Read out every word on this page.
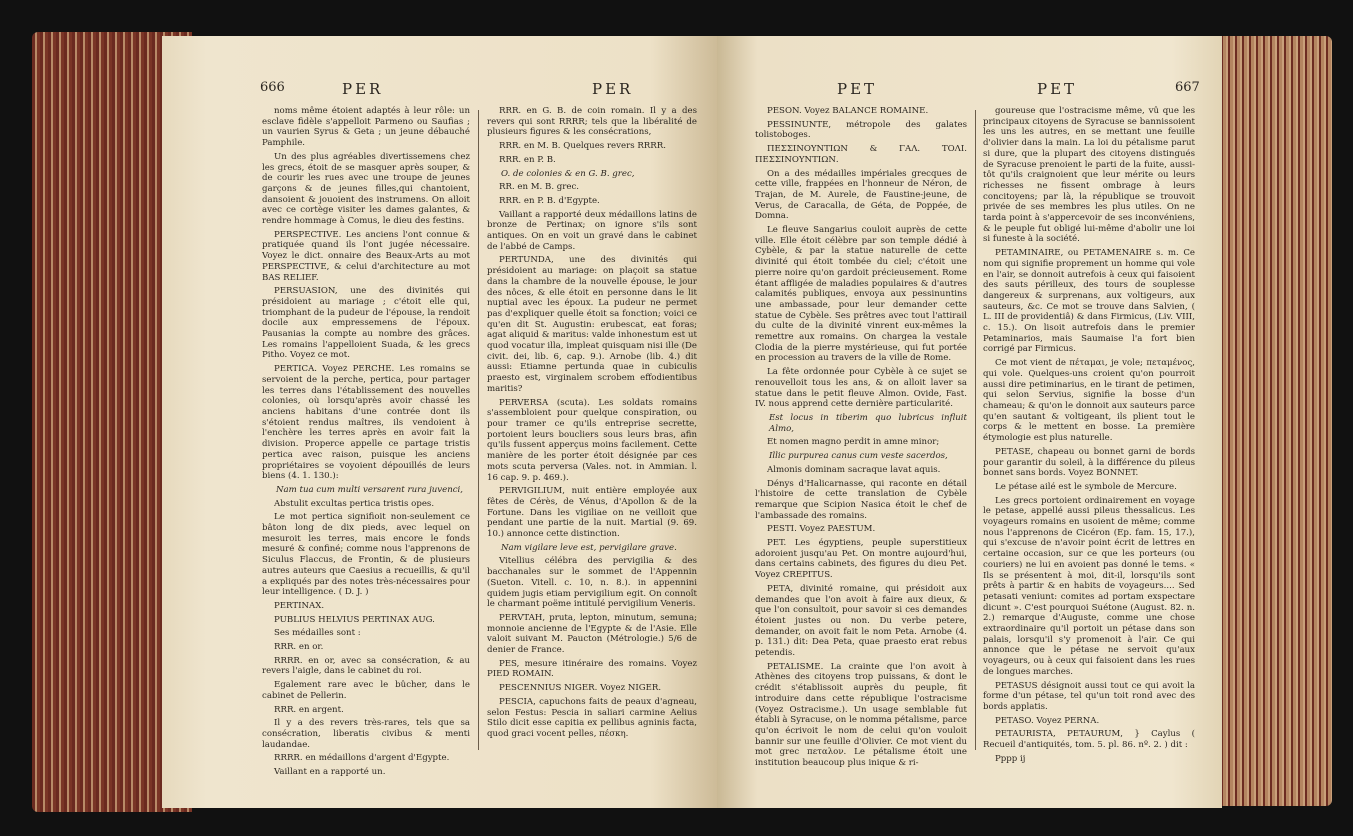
666	PER	PER

noms même étoient adaptés à leur rôle: un esclave fidèle s'appelloit Parmeno ou Saufias ; un vaurien Syrus & Geta ; un jeune débauché Pamphile.

Un des plus agréables divertissemens chez les grecs, étoit de se masquer après souper, & de courir les rues avec une troupe de jeunes garçons & de jeunes filles,qui chantoient, dansoient & jouoient des instrumens. On alloit avec ce cortège visiter les dames galantes, & rendre hommage à Comus, le dieu des festins.

PERSPECTIVE. Les anciens l'ont connue & pratiquée quand ils l'ont jugée nécessaire. Voyez le dict. onnaire des Beaux-Arts au mot PERSPECTIVE, & celui d'architecture au mot BAS RELIEF.

PERSUASION, une des divinités qui présidoient au mariage ; c'étoit elle qui, triomphant de la pudeur de l'épouse, la rendoit docile aux empressemens de l'époux. Pausanias la compte au nombre des grâces. Les romains l'appelloient Suada, & les grecs Pitho. Voyez ce mot.

PERTICA. Voyez PERCHE. Les romains se servoient de la perche, pertica, pour partager les terres dans l'établissement des nouvelles colonies, où lorsqu'après avoir chassé les anciens habitans d'une contrée dont ils s'étoient rendus maîtres, ils vendoient à l'enchère les terres après en avoir fait la division. Properce appelle ce partage tristis pertica avec raison, puisque les anciens propriétaires se voyoient dépouillés de leurs biens (4. 1. 130.):

Nam tua cum multi versarent rura juvenci,

Abstulit excultas pertica tristis opes.

Le mot pertica signifioit non-seulement ce bâton long de dix pieds, avec lequel on mesuroit les terres, mais encore le fonds mesuré & confiné; comme nous l'apprenons de Siculus Flaccus, de Frontin, & de plusieurs autres auteurs que Caesius a recueillis, & qu'il a expliqués par des notes très-nécessaires pour leur intelligence. ( D. J. )

PERTINAX.

PUBLIUS HELVIUS PERTINAX AUG.

Ses médailles sont :

RRR. en or.

RRRR. en or, avec sa consécration, & au revers l'aigle, dans le cabinet du roi.

Egalement rare avec le bûcher, dans le cabinet de Pellerin.

RRR. en argent.

Il y a des revers très-rares, tels que sa consécration, liberatis civibus & menti laudandae.

RRRR. en médaillons d'argent d'Egypte.

Vaillant en a rapporté un.

RRR. en G. B. de coin romain. Il y a des revers qui sont RRRR; tels que la libéralité de plusieurs figures & les consécrations,

RRR. en M. B. Quelques revers RRRR.

RRR. en P. B.

O. de colonies & en G. B. grec,

RR. en M. B. grec.

RRR. en P. B. d'Egypte.

Vaillant a rapporté deux médaillons latins de bronze de Pertinax; on ignore s'ils sont antiques. On en voit un gravé dans le cabinet de l'abbé de Camps.

PERTUNDA, une des divinités qui présidoient au mariage: on plaçoit sa statue dans la chambre de la nouvelle épouse, le jour des nôces, & elle étoit en personne dans le lit nuptial avec les époux. La pudeur ne permet pas d'expliquer quelle étoit sa fonction; voici ce qu'en dit St. Augustin: erubescat, eat foras; agat aliquid & maritus: valde inhonestum est ut quod vocatur illa, impleat quisquam nisi ille (De civit. dei, lib. 6, cap. 9.). Arnobe (lib. 4.) dit aussi: Etiamne pertunda quae in cubiculis praesto est, virginalem scrobem effodientibus maritis?

PERVERSA (scuta). Les soldats romains s'assembloient pour quelque conspiration, ou pour tramer ce qu'ils entreprise secrette, portoient leurs boucliers sous leurs bras, afin qu'ils fussent apperçus moins facilement. Cette manière de les porter étoit désignée par ces mots scuta perversa (Vales. not. in Ammian. l. 16 cap. 9. p. 469.).

PERVIGILIUM, nuit entière employée aux fêtes de Cérès, de Vénus, d'Apollon & de la Fortune. Dans les vigiliae on ne veilloit que pendant une partie de la nuit. Martial (9. 69. 10.) annonce cette distinction.

Nam vigilare leve est, pervigilare grave.

Vitellius célébra des pervigilia & des bacchanales sur le sommet de l'Appennin (Sueton. Vitell. c. 10, n. 8.). in appennini quidem jugis etiam pervigilium egit. On connoît le charmant poëme intitulé pervigilium Veneris.

PERVTAH, pruta, lepton, minutum, semuna; monnoie ancienne de l'Egypte & de l'Asie. Elle valoit suivant M. Paucton (Métrologie.) 5/6 de denier de France.

PES, mesure itinéraire des romains. Voyez PIED ROMAIN.

PESCENNIUS NIGER. Voyez NIGER.

PESCIA, capuchons faits de peaux d'agneau, selon Festus: Pescia in saliari carmine Aelius Stilo dicit esse capitia ex pellibus agninis facta, quod graci vocent pelles, πέσκη.

PET	PET	667

PESON. Voyez BALANCE ROMAINE.

PESSINUNTE, métropole des galates tolistoboges.

ΠΕΣΣΙΝΟΥΝΤΙΩΝ & ΓΑΛ. ΤΟΛΙ. ΠΕΣΣΙΝΟΥΝΤΙΩΝ.

On a des médailles impériales grecques de cette ville, frappées en l'honneur de Néron, de Trajan, de M. Aurele, de Faustine-jeune, de Verus, de Caracalla, de Géta, de Poppée, de Domna.

Le fleuve Sangarius couloit auprès de cette ville. Elle étoit célèbre par son temple dédié à Cybèle, & par la statue naturelle de cette divinité qui étoit tombée du ciel; c'étoit une pierre noire qu'on gardoit précieusement. Rome étant affligée de maladies populaires & d'autres calamités publiques, envoya aux pessinuntins une ambassade, pour leur demander cette statue de Cybèle. Ses prêtres avec tout l'attirail du culte de la divinité vinrent eux-mêmes la remettre aux romains. On chargea la vestale Clodia de la pierre mystérieuse, qui fut portée en procession au travers de la ville de Rome.

La fête ordonnée pour Cybèle à ce sujet se renouvelloit tous les ans, & on alloit laver sa statue dans le petit fleuve Almon. Ovide, Fast. IV. nous apprend cette dernière particularité.

Est locus in tiberim quo lubricus influit Almo,

Et nomen magno perdit in amne minor;

Illic purpurea canus cum veste sacerdos,

Almonis dominam sacraque lavat aquis.

Dénys d'Halicarnasse, qui raconte en détail l'histoire de cette translation de Cybèle remarque que Scipion Nasica étoit le chef de l'ambassade des romains.

PESTI. Voyez PAESTUM.

PET. Les égyptiens, peuple superstitieux adoroient jusqu'au Pet. On montre aujourd'hui, dans certains cabinets, des figures du dieu Pet. Voyez CREPITUS.

PETA, divinité romaine, qui présidoit aux demandes que l'on avoit à faire aux dieux, & que l'on consultoit, pour savoir si ces demandes étoient justes ou non. Du verbe petere, demander, on avoit fait le nom Peta. Arnobe (4. p. 131.) dit: Dea Peta, quae praesto erat rebus petendis.

PETALISME. La crainte que l'on avoit à Athènes des citoyens trop puissans, & dont le crédit s'établissoit auprès du peuple, fit introduire dans cette république l'ostracisme (Voyez Ostracisme.). Un usage semblable fut établi à Syracuse, on le nomma pétalisme, parce qu'on écrivoit le nom de celui qu'on vouloit bannir sur une feuille d'Olivier. Ce mot vient du mot grec πεταλον. Le pétalisme étoit une institution beaucoup plus inique & ri-

goureuse que l'ostracisme même, vû que les principaux citoyens de Syracuse se bannissoient les uns les autres, en se mettant une feuille d'olivier dans la main. La loi du pétalisme parut si dure, que la plupart des citoyens distingués de Syracuse prenoient le parti de la fuite, aussi-tôt qu'ils craignoient que leur mérite ou leurs richesses ne fissent ombrage à leurs concitoyens; par là, la république se trouvoit privée de ses membres les plus utiles. On ne tarda point à s'appercevoir de ses inconvéniens, & le peuple fut obligé lui-même d'abolir une loi si funeste à la société.

PETAMINAIRE, ou PETAMENAIRE s. m. Ce nom qui signifie proprement un homme qui vole en l'air, se donnoit autrefois à ceux qui faisoient des sauts périlleux, des tours de souplesse dangereux & surprenans, aux voltigeurs, aux sauteurs, &c. Ce mot se trouve dans Salvien, ( L. III de providentiâ) & dans Firmicus, (Liv. VIII, c. 15.). On lisoit autrefois dans le premier Petaminarios, mais Saumaise l'a fort bien corrigé par Firmicus.

Ce mot vient de πέταμαι, je vole; πεταμένος, qui vole. Quelques-uns croient qu'on pourroit aussi dire petiminarius, en le tirant de petimen, qui selon Servius, signifie la bosse d'un chameau; & qu'on le donnoit aux sauteurs parce qu'en sautant & voltigeant, ils plient tout le corps & le mettent en bosse. La première étymologie est plus naturelle.

PETASE, chapeau ou bonnet garni de bords pour garantir du soleil, à la différence du pileus bonnet sans bords. Voyez BONNET.

Le pétase ailé est le symbole de Mercure.

Les grecs portoient ordinairement en voyage le petase, appellé aussi pileus thessalicus. Les voyageurs romains en usoient de même; comme nous l'apprenons de Cicéron (Ep. fam. 15, 17.), qui s'excuse de n'avoir point écrit de lettres en certaine occasion, sur ce que les porteurs (ou couriers) ne lui en avoient pas donné le tems. « Ils se présentent à moi, dit-il, lorsqu'ils sont prêts à partir & en habits de voyageurs.... Sed petasati veniunt: comites ad portam exspectare dicunt ». C'est pourquoi Suétone (August. 82. n. 2.) remarque d'Auguste, comme une chose extraordinaire qu'il portoit un pétase dans son palais, lorsqu'il s'y promenoit à l'air. Ce qui annonce que le pétase ne servoit qu'aux voyageurs, ou à ceux qui faisoient dans les rues de longues marches.

PETASUS désignoit aussi tout ce qui avoit la forme d'un pétase, tel qu'un toit rond avec des bords applatis.

PETASO. Voyez PERNA.

PETAURISTA, PETAURUM, } Caylus ( Recueil d'antiquités, tom. 5. pl. 86. nº. 2. ) dit :

Pppp ij
